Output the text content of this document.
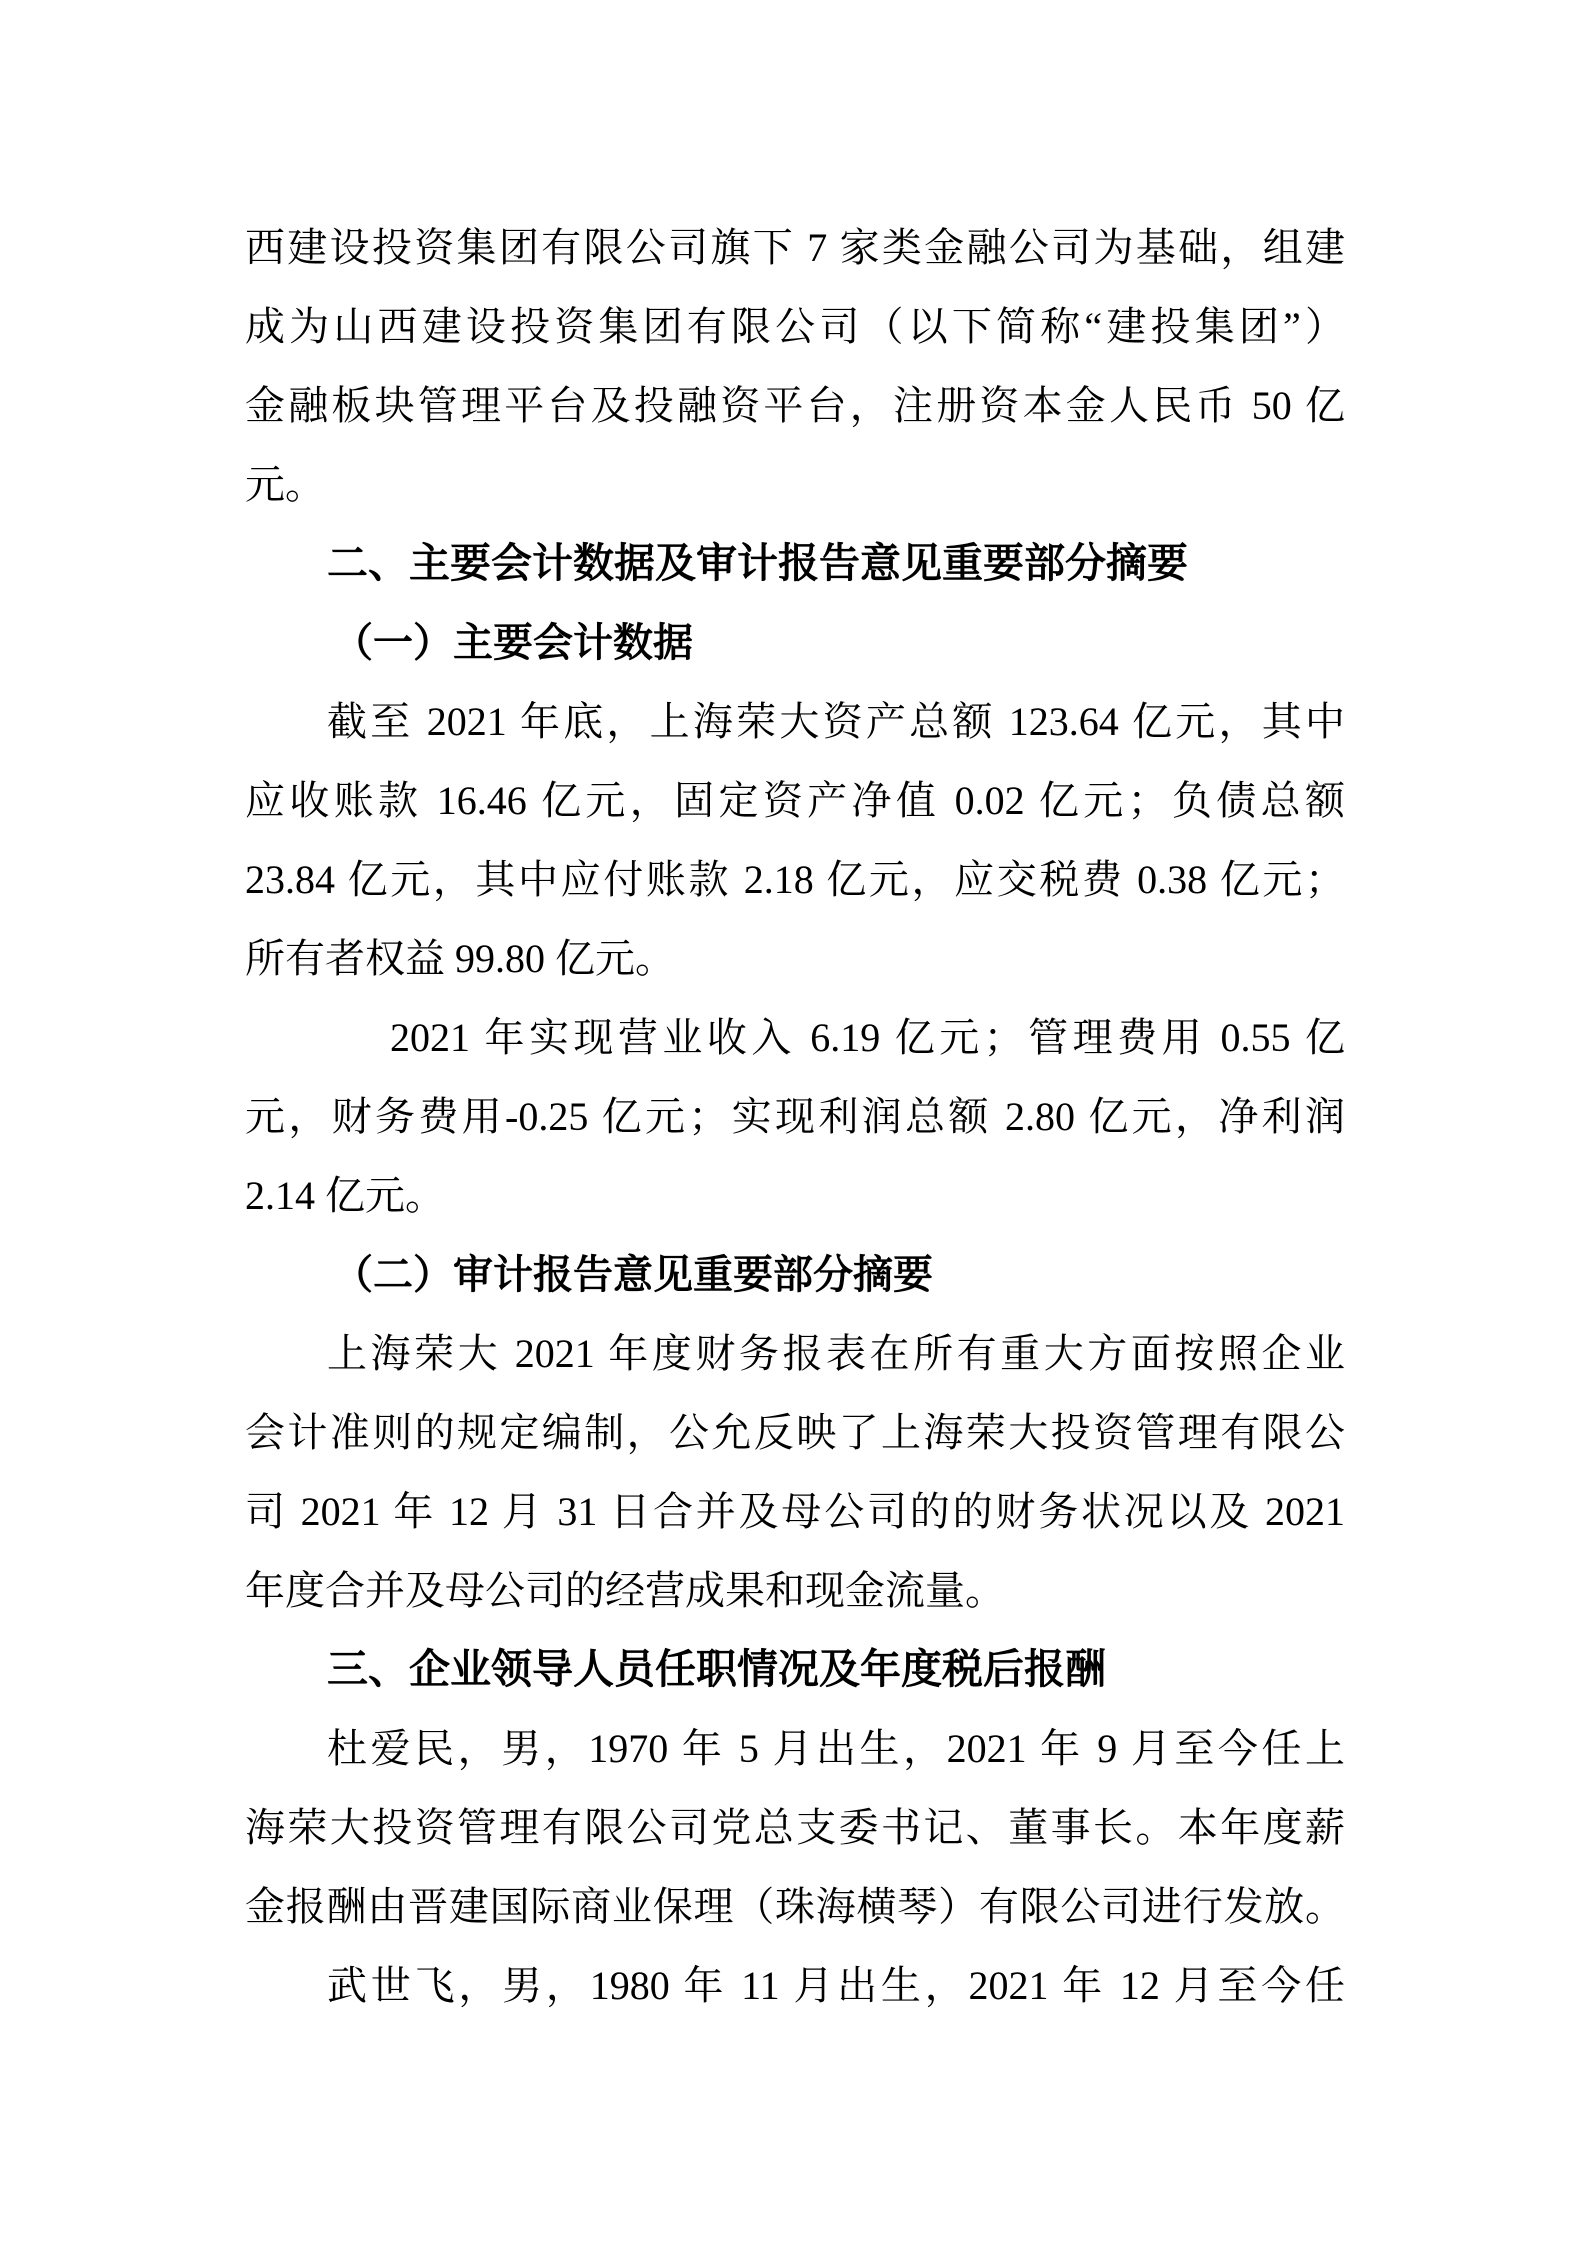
西建设投资集团有限公司旗下 7 家类金融公司为基础，组建
成为山西建设投资集团有限公司（以下简称“建投集团”）
金融板块管理平台及投融资平台，注册资本金人民币 50 亿
元。
二、主要会计数据及审计报告意见重要部分摘要
（一）主要会计数据
截至 2021 年底，上海荣大资产总额 123.64 亿元，其中
应收账款 16.46 亿元，固定资产净值 0.02 亿元；负债总额
23.84 亿元，其中应付账款 2.18 亿元，应交税费 0.38 亿元；
所有者权益 99.80 亿元。
2021 年实现营业收入 6.19 亿元；管理费用 0.55 亿
元，财务费用-0.25 亿元；实现利润总额 2.80 亿元，净利润
2.14 亿元。
（二）审计报告意见重要部分摘要
上海荣大 2021 年度财务报表在所有重大方面按照企业
会计准则的规定编制，公允反映了上海荣大投资管理有限公
司 2021 年 12 月 31 日合并及母公司的的财务状况以及 2021
年度合并及母公司的经营成果和现金流量。
三、企业领导人员任职情况及年度税后报酬
杜爱民，男，1970 年 5 月出生，2021 年 9 月至今任上
海荣大投资管理有限公司党总支委书记、董事长。本年度薪
金报酬由晋建国际商业保理（珠海横琴）有限公司进行发放。
武世飞，男，1980 年 11 月出生，2021 年 12 月至今任
